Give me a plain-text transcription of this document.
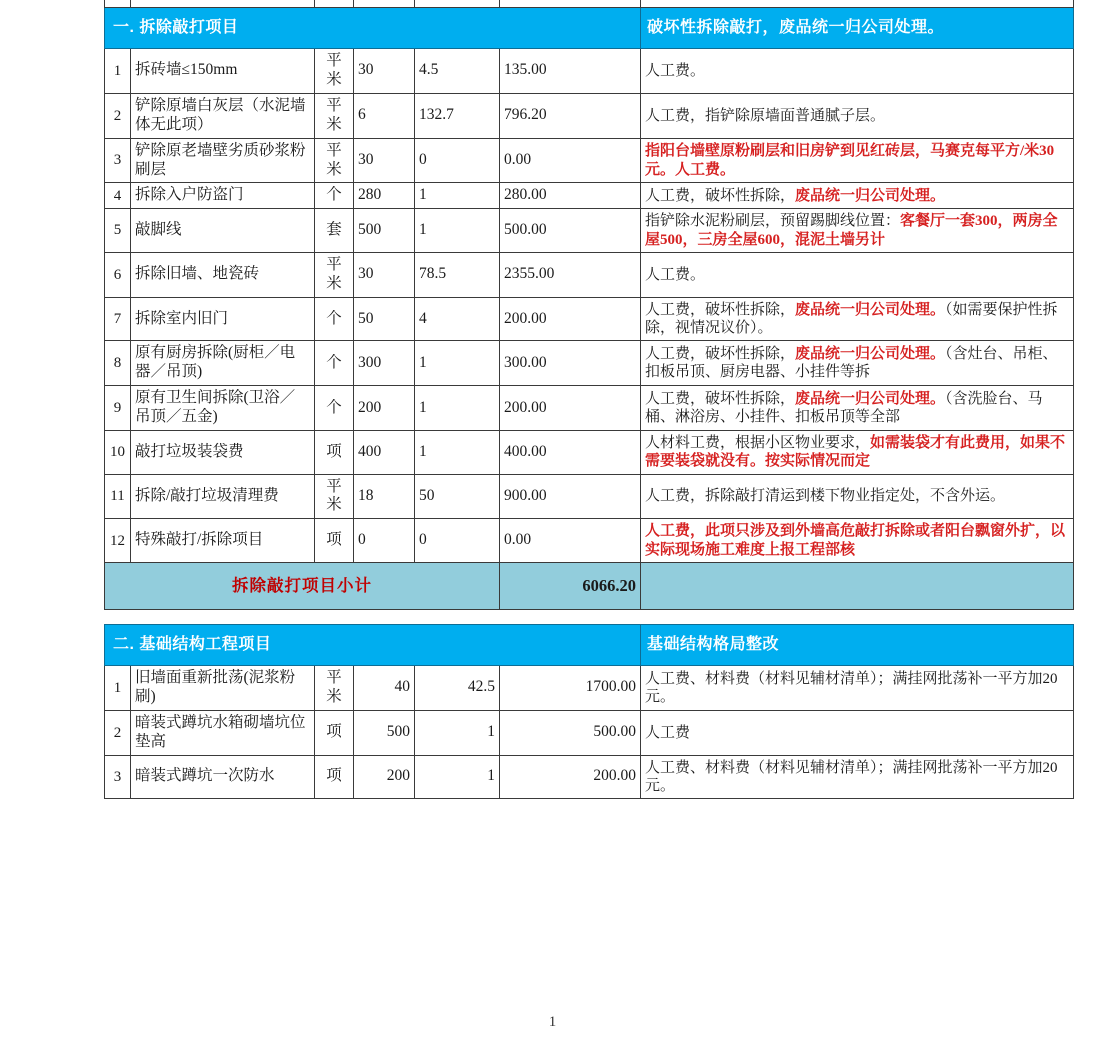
一. 拆除敲打项目						破坏性拆除敲打，废品统一归公司处理。
1	拆砖墙≤150mm	平米	30	4.5	135.00	人工费。
2	铲除原墙白灰层（水泥墙体无此项）	平米	6	132.7	796.20	人工费，指铲除原墙面普通腻子层。
3	铲除原老墙壁劣质砂浆粉刷层	平米	30	0	0.00	指阳台墙壁原粉刷层和旧房铲到见红砖层，马赛克每平方/米30元。人工费。
4	拆除入户防盗门	个	280	1	280.00	人工费，破坏性拆除，废品统一归公司处理。
5	敲脚线	套	500	1	500.00	指铲除水泥粉刷层，预留踢脚线位置：客餐厅一套300，两房全屋500，三房全屋600，混泥土墙另计
6	拆除旧墙、地瓷砖	平米	30	78.5	2355.00	人工费。
7	拆除室内旧门	个	50	4	200.00	人工费，破坏性拆除，废品统一归公司处理。（如需要保护性拆除，视情况议价）。
8	原有厨房拆除(厨柜／电器／吊顶)	个	300	1	300.00	人工费，破坏性拆除，废品统一归公司处理。（含灶台、吊柜、扣板吊顶、厨房电器、小挂件等拆
9	原有卫生间拆除(卫浴／吊顶／五金)	个	200	1	200.00	人工费，破坏性拆除，废品统一归公司处理。（含洗脸台、马桶、淋浴房、小挂件、扣板吊顶等全部
10	敲打垃圾装袋费	项	400	1	400.00	人材料工费，根据小区物业要求，如需装袋才有此费用，如果不需要装袋就没有。按实际情况而定
11	拆除/敲打垃圾清理费	平米	18	50	900.00	人工费，拆除敲打清运到楼下物业指定处，不含外运。
12	特殊敲打/拆除项目	项	0	0	0.00	人工费，此项只涉及到外墙高危敲打拆除或者阳台飘窗外扩，以实际现场施工难度上报工程部核
拆除敲打项目小计					6066.20	

二. 基础结构工程项目						基础结构格局整改
1	旧墙面重新批荡(泥浆粉刷)	平米	40	42.5	1700.00	人工费、材料费（材料见辅材清单）；满挂网批荡补一平方加20元。
2	暗装式蹲坑水箱砌墙坑位垫高	项	500	1	500.00	人工费
3	暗装式蹲坑一次防水	项	200	1	200.00	人工费、材料费（材料见辅材清单）；满挂网批荡补一平方加20元。
1
